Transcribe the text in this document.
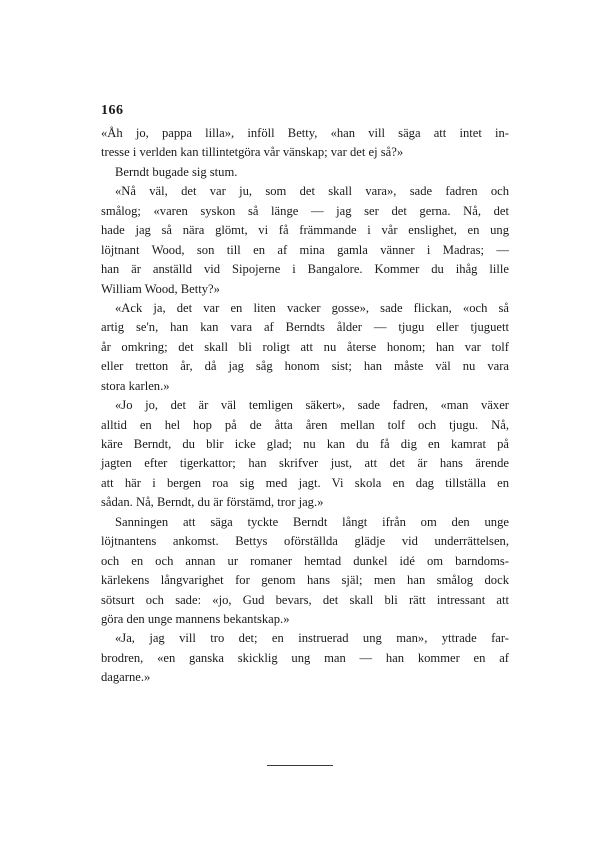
166
«Åh jo, pappa lilla», inföll Betty, «han vill säga att intet in-
tresse i verlden kan tillintetgöra vår vänskap; var det ej så?»
Berndt bugade sig stum.
«Nå väl, det var ju, som det skall vara», sade fadren och
smålog; «varen syskon så länge — jag ser det gerna. Nå, det
hade jag så nära glömt, vi få främmande i vår enslighet, en ung
löjtnant Wood, son till en af mina gamla vänner i Madras; —
han är anställd vid Sipojerne i Bangalore. Kommer du ihåg lille
William Wood, Betty?»
«Ack ja, det var en liten vacker gosse», sade flickan, «och så
artig se'n, han kan vara af Berndts ålder — tjugu eller tjuguett
år omkring; det skall bli roligt att nu återse honom; han var tolf
eller tretton år, då jag såg honom sist; han måste väl nu vara
stora karlen.»
«Jo jo, det är väl temligen säkert», sade fadren, «man växer
alltid en hel hop på de åtta åren mellan tolf och tjugu. Nå,
käre Berndt, du blir icke glad; nu kan du få dig en kamrat på
jagten efter tigerkattor; han skrifver just, att det är hans ärende
att här i bergen roa sig med jagt. Vi skola en dag tillställa en
sådan. Nå, Berndt, du är förstämd, tror jag.»
Sanningen att säga tyckte Berndt långt ifrån om den unge
löjtnantens ankomst. Bettys oförställda glädje vid underrättelsen,
och en och annan ur romaner hemtad dunkel idé om barndoms-
kärlekens långvarighet for genom hans själ; men han smålog dock
sötsurt och sade: «jo, Gud bevars, det skall bli rätt intressant att
göra den unge mannens bekantskap.»
«Ja, jag vill tro det; en instruerad ung man», yttrade far-
brodren, «en ganska skicklig ung man — han kommer en af
dagarne.»
